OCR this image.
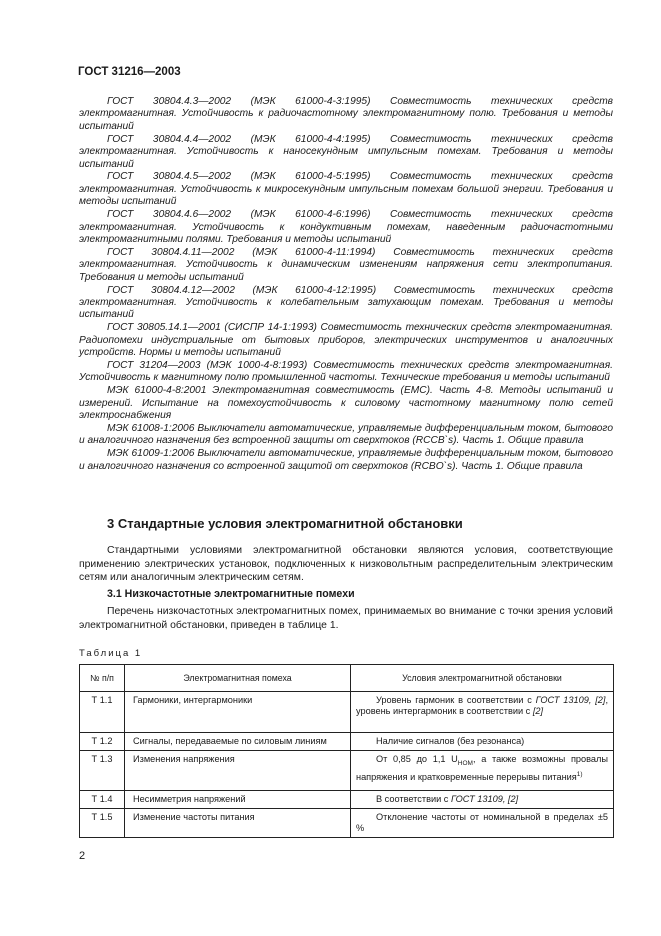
ГОСТ 31216—2003

ГОСТ 30804.4.3—2002 (МЭК 61000-4-3:1995) Совместимость технических средств электромагнитная. Устойчивость к радиочастотному электромагнитному полю. Требования и методы испытаний

ГОСТ 30804.4.4—2002 (МЭК 61000-4-4:1995) Совместимость технических средств электромагнитная. Устойчивость к наносекундным импульсным помехам. Требования и методы испытаний

ГОСТ 30804.4.5—2002 (МЭК 61000-4-5:1995) Совместимость технических средств электромагнитная. Устойчивость к микросекундным импульсным помехам большой энергии. Требования и методы испытаний

ГОСТ 30804.4.6—2002 (МЭК 61000-4-6:1996) Совместимость технических средств электромагнитная. Устойчивость к кондуктивным помехам, наведенным радиочастотными электромагнитными полями. Требования и методы испытаний

ГОСТ 30804.4.11—2002 (МЭК 61000-4-11:1994) Совместимость технических средств электромагнитная. Устойчивость к динамическим изменениям напряжения сети электропитания. Требования и методы испытаний

ГОСТ 30804.4.12—2002 (МЭК 61000-4-12:1995) Совместимость технических средств электромагнитная. Устойчивость к колебательным затухающим помехам. Требования и методы испытаний

ГОСТ 30805.14.1—2001 (СИСПР 14-1:1993) Совместимость технических средств электромагнитная. Радиопомехи индустриальные от бытовых приборов, электрических инструментов и аналогичных устройств. Нормы и методы испытаний

ГОСТ 31204—2003 (МЭК 1000-4-8:1993) Совместимость технических средств электромагнитная. Устойчивость к магнитному полю промышленной частоты. Технические требования и методы испытаний

МЭК 61000-4-8:2001 Электромагнитная совместимость (ЕМС). Часть 4-8. Методы испытаний и измерений. Испытание на помехоустойчивость к силовому частотному магнитному полю сетей электроснабжения

МЭК 61008-1:2006 Выключатели автоматические, управляемые дифференциальным током, бытового и аналогичного назначения без встроенной защиты от сверхтоков (RCCB`s). Часть 1. Общие правила

МЭК 61009-1:2006 Выключатели автоматические, управляемые дифференциальным током, бытового и аналогичного назначения со встроенной защитой от сверхтоков (RCBO`s). Часть 1. Общие правила

3 Стандартные условия электромагнитной обстановки

Стандартными условиями электромагнитной обстановки являются условия, соответствующие применению электрических установок, подключенных к низковольтным распределительным электрическим сетям или аналогичным электрическим сетям.

3.1 Низкочастотные электромагнитные помехи

Перечень низкочастотных электромагнитных помех, принимаемых во внимание с точки зрения условий электромагнитной обстановки, приведен в таблице 1.

Таблица 1
№ п/п	Электромагнитная помеха	Условия электромагнитной обстановки
Т 1.1	Гармоники, интергармоники	Уровень гармоник в соответствии с ГОСТ 13109, [2], уровень интергармоник в соответствии с [2]
Т 1.2	Сигналы, передаваемые по силовым линиям	Наличие сигналов (без резонанса)
Т 1.3	Изменения напряжения	От 0,85 до 1,1 $U_{НОМ}$, а также возможны провалы напряжения и кратковременные перерывы питания$^{1)}$
Т 1.4	Несимметрия напряжений	В соответствии с ГОСТ 13109, [2]
Т 1.5	Изменение частоты питания	Отклонение частоты от номинальной в пределах ±5 %
2
